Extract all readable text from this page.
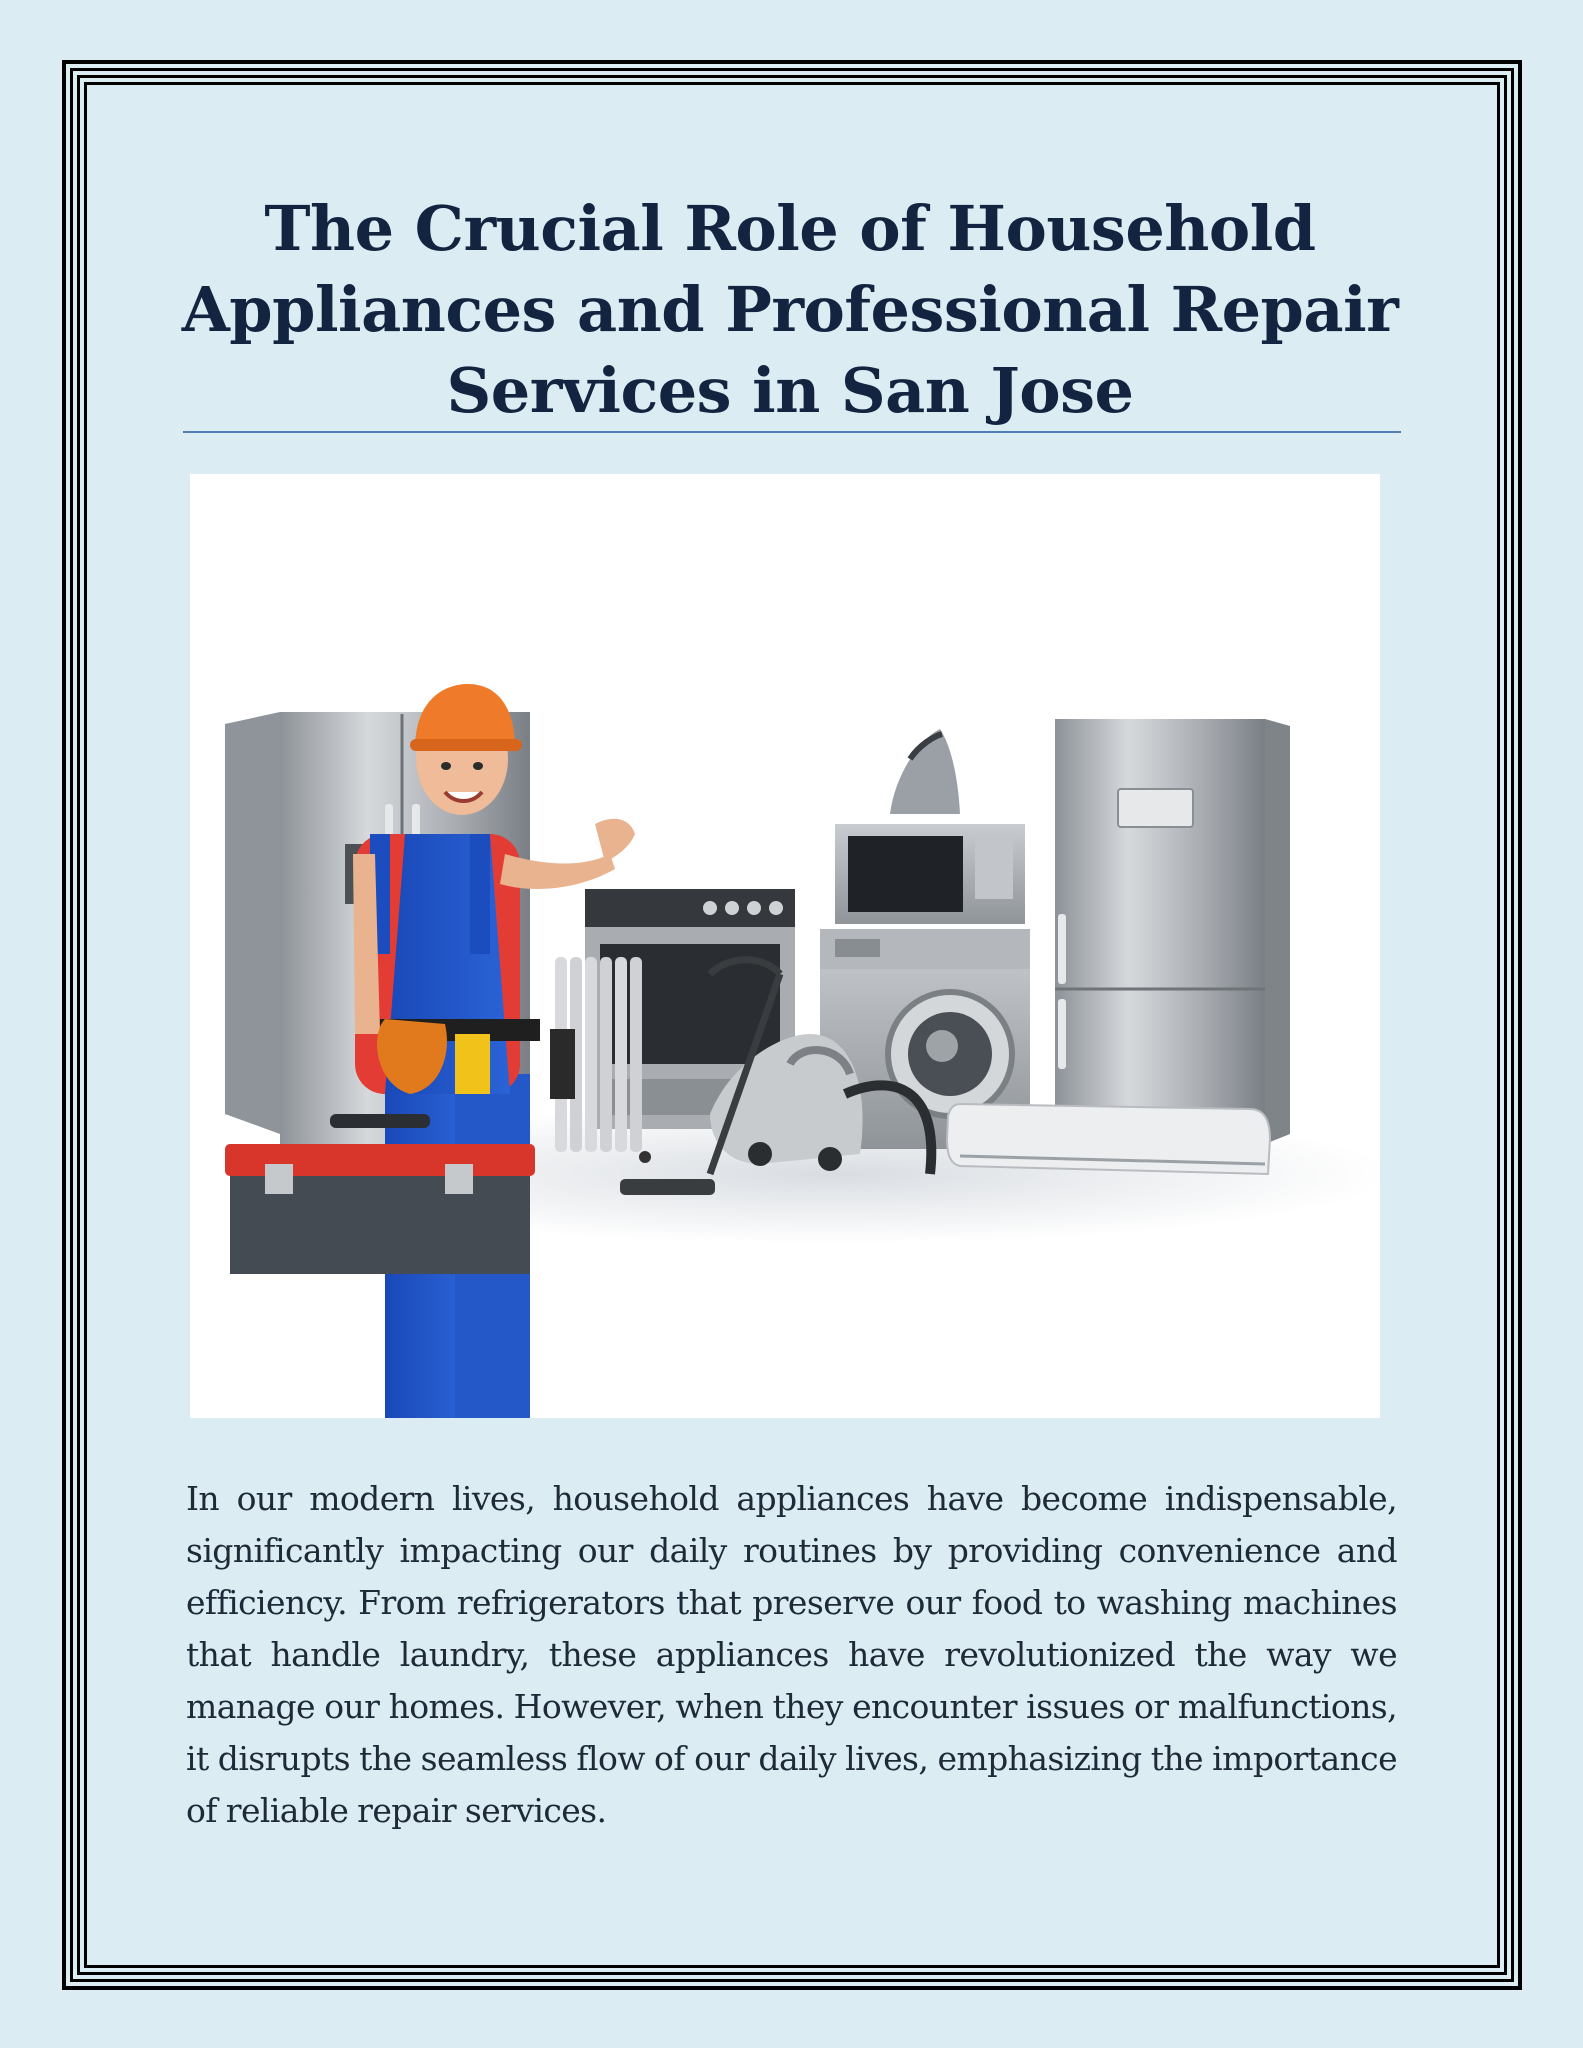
The Crucial Role of Household Appliances and Professional Repair Services in San Jose

In our modern lives, household appliances have become indispensable, significantly impacting our daily routines by providing convenience and efficiency. From refrigerators that preserve our food to washing machines that handle laundry, these appliances have revolutionized the way we manage our homes. However, when they encounter issues or malfunctions, it disrupts the seamless flow of our daily lives, emphasizing the importance of reliable repair services.
